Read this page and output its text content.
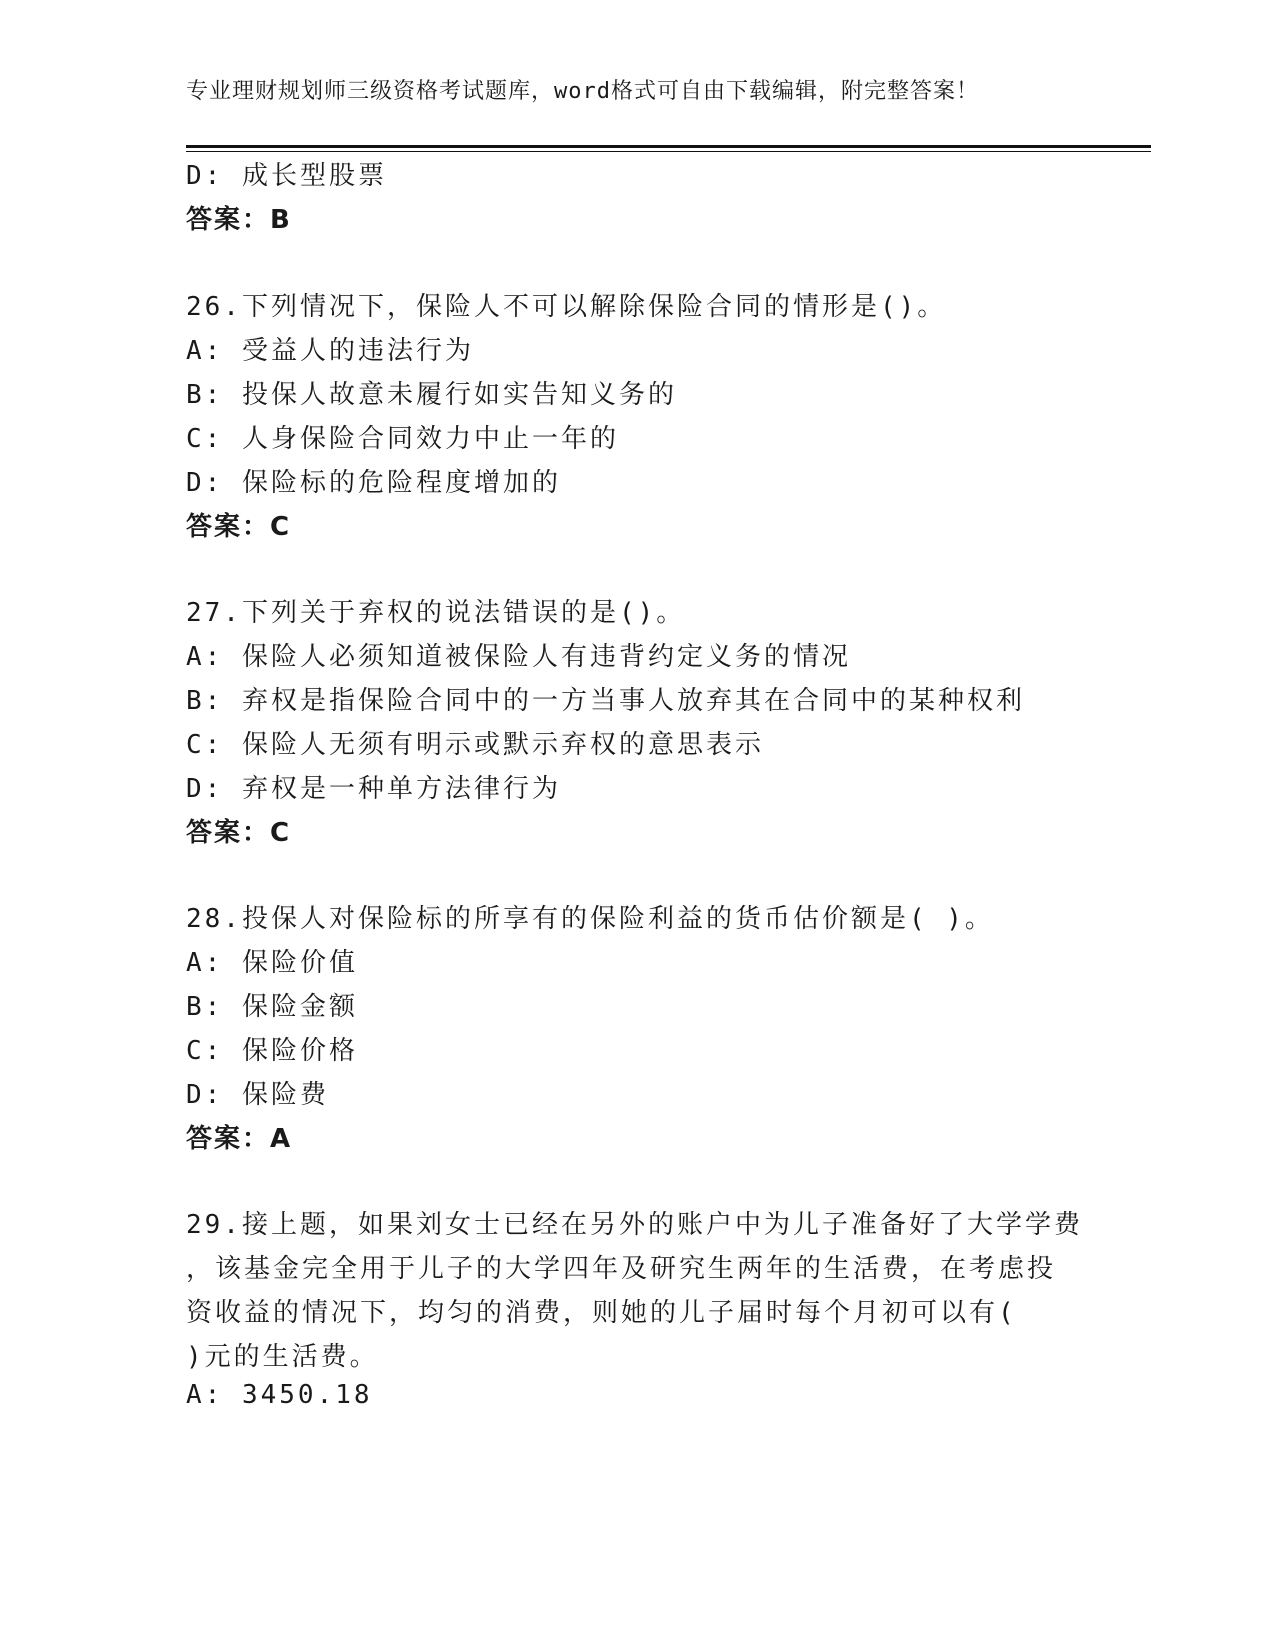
专业理财规划师三级资格考试题库，word格式可自由下载编辑，附完整答案！
D: 成长型股票
答案：B
26.下列情况下，保险人不可以解除保险合同的情形是()。
A: 受益人的违法行为
B: 投保人故意未履行如实告知义务的
C: 人身保险合同效力中止一年的
D: 保险标的危险程度增加的
答案：C
27.下列关于弃权的说法错误的是()。
A: 保险人必须知道被保险人有违背约定义务的情况
B: 弃权是指保险合同中的一方当事人放弃其在合同中的某种权利
C: 保险人无须有明示或默示弃权的意思表示
D: 弃权是一种单方法律行为
答案：C
28.投保人对保险标的所享有的保险利益的货币估价额是( )。
A: 保险价值
B: 保险金额
C: 保险价格
D: 保险费
答案：A
29.接上题，如果刘女士已经在另外的账户中为儿子准备好了大学学费
，该基金完全用于儿子的大学四年及研究生两年的生活费，在考虑投
资收益的情况下，均匀的消费，则她的儿子届时每个月初可以有(
)元的生活费。
A: 3450.18
